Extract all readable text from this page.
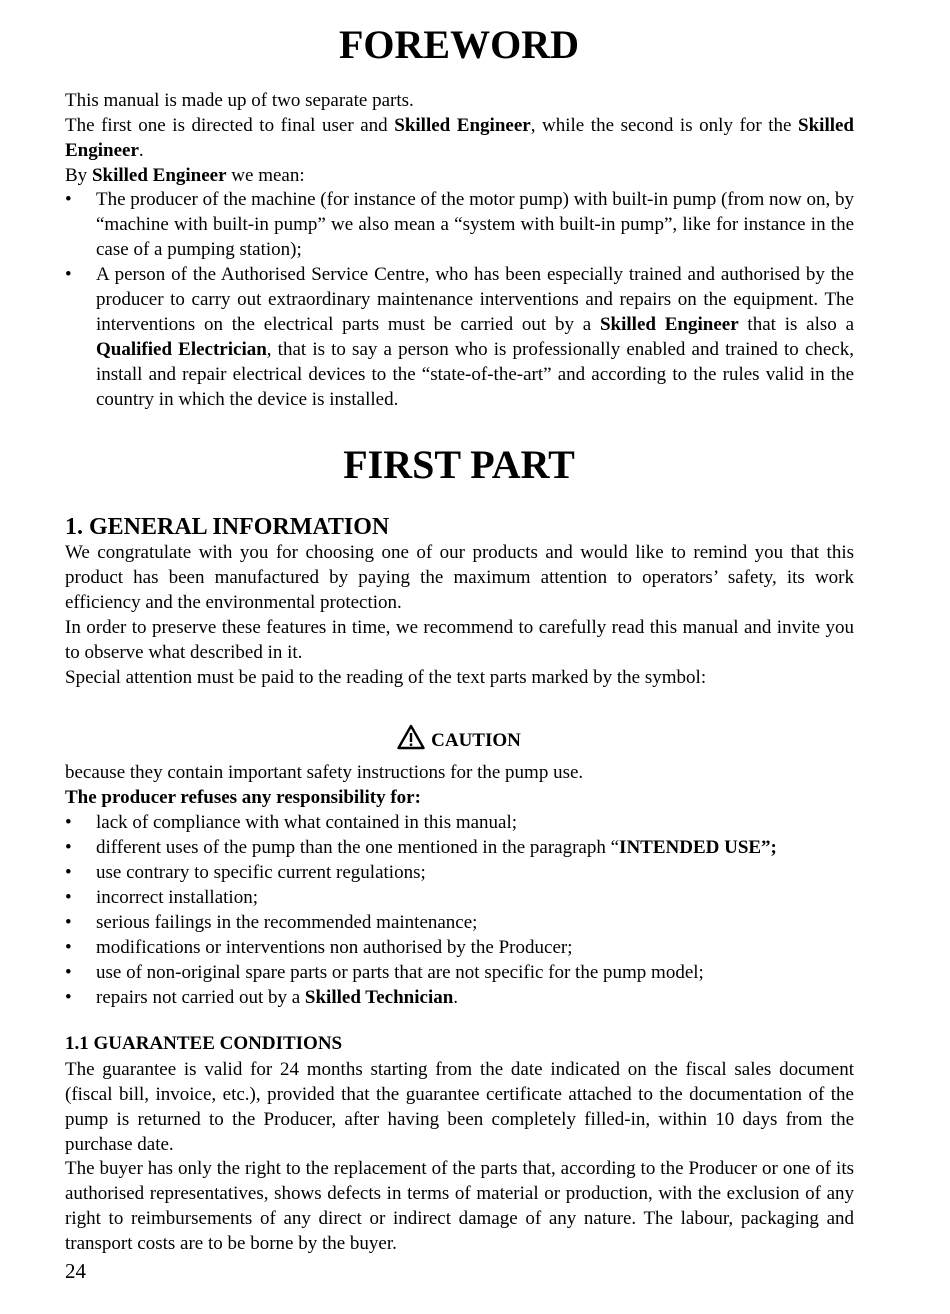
FOREWORD

This manual is made up of two separate parts.
The first one is directed to final user and Skilled Engineer, while the second is only for the Skilled Engineer.
By Skilled Engineer we mean:

•	The producer of the machine (for instance of the motor pump) with built-in pump (from now on, by “machine with built-in pump” we also mean a “system with built-in pump”, like for instance in the case of a pumping station);
•	A person of the Authorised Service Centre, who has been especially trained and authorised by the producer to carry out extraordinary maintenance interventions and repairs on the equipment. The interventions on the electrical parts must be carried out by a Skilled Engineer that is also a Qualified Electrician, that is to say a person who is professionally enabled and trained to check, install and repair electrical devices to the “state-of-the-art” and according to the rules valid in the country in which the device is installed.
FIRST PART
1. GENERAL INFORMATION

We congratulate with you for choosing one of our products and would like to remind you that this product has been manufactured by paying the maximum attention to operators’ safety, its work efficiency and the environmental protection.

In order to preserve these features in time, we recommend to carefully read this manual and invite you to observe what described in it.

Special attention must be paid to the reading of the text parts marked by the symbol:

CAUTION

because they contain important safety instructions for the pump use.

The producer refuses any responsibility for:

•	lack of compliance with what contained in this manual;
•	different uses of the pump than the one mentioned in the paragraph “INTENDED USE”;
•	use contrary to specific current regulations;
•	incorrect installation;
•	serious failings in the recommended maintenance;
•	modifications or interventions non authorised by the Producer;
•	use of non-original spare parts or parts that are not specific for the pump model;
•	repairs not carried out by a Skilled Technician.
1.1 GUARANTEE CONDITIONS

The guarantee is valid for 24 months starting from the date indicated on the fiscal sales document (fiscal bill, invoice, etc.), provided that the guarantee certificate attached to the documentation of the pump is returned to the Producer, after having been completely filled-in, within 10 days from the purchase date.

The buyer has only the right to the replacement of the parts that, according to the Producer or one of its authorised representatives, shows defects in terms of material or production, with the exclusion of any right to reimbursements of any direct or indirect damage of any nature. The labour, packaging and transport costs are to be borne by the buyer.

24
